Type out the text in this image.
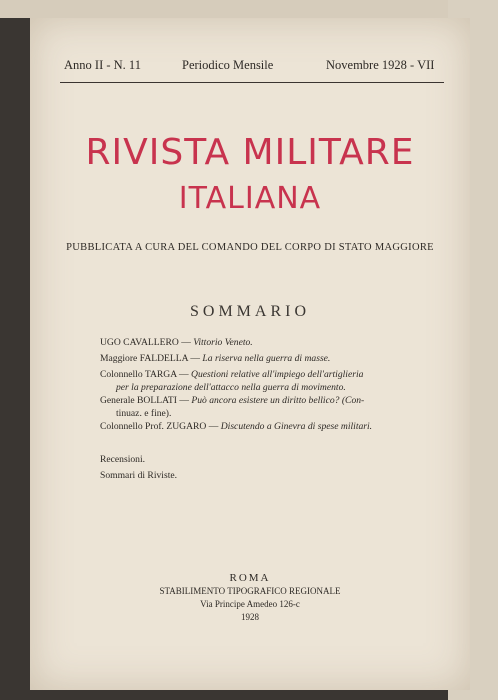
Anno II - N. 11	Periodico Mensile	Novembre 1928 - VII
RIVISTA MILITARE
ITALIANA
PUBBLICATA A CURA DEL COMANDO DEL CORPO DI STATO MAGGIORE
SOMMARIO
UGO CAVALLERO — Vittorio Veneto.
Maggiore FALDELLA — La riserva nella guerra di masse.
Colonnello TARGA — Questioni relative all'impiego dell'artiglieria
per la preparazione dell'attacco nella guerra di movimento.
Generale BOLLATI — Può ancora esistere un diritto bellico? (Con-
tinuaz. e fine).
Colonnello Prof. ZUGARO — Discutendo a Ginevra di spese militari.
Recensioni.
Sommari di Riviste.
ROMA
STABILIMENTO TIPOGRAFICO REGIONALE
Via Principe Amedeo 126-c
1928
